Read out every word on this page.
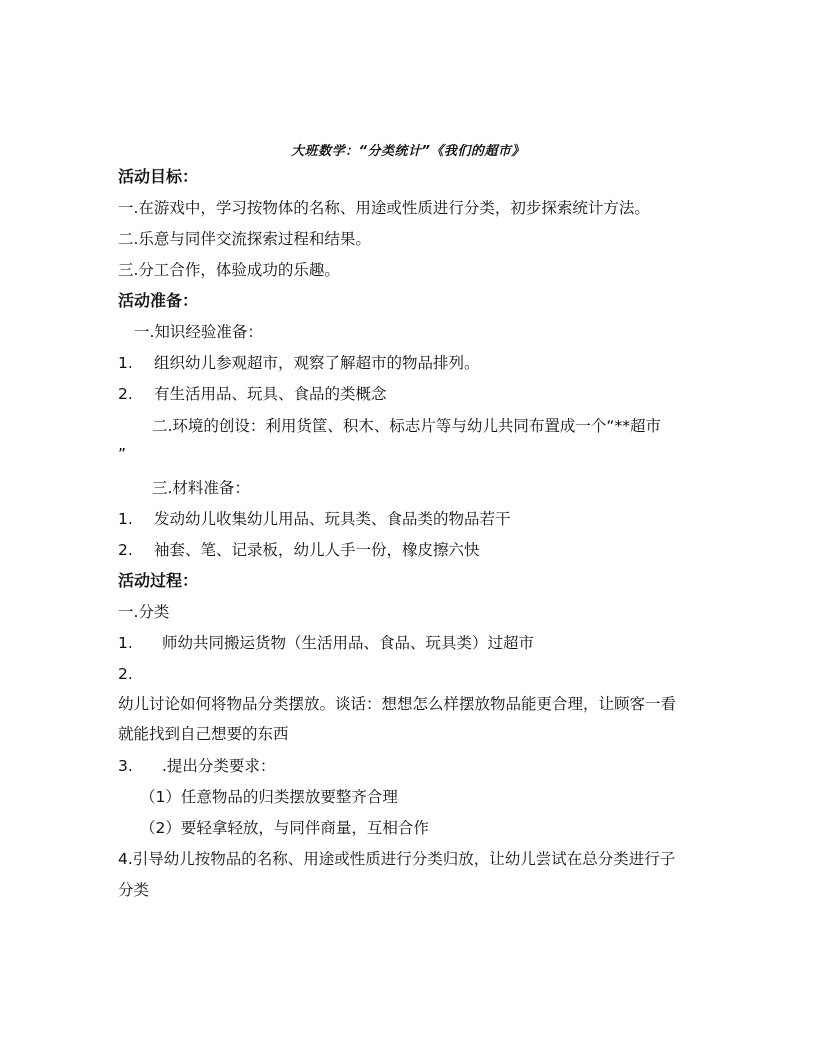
大班数学：“分类统计”《我们的超市》
活动目标：
一.在游戏中，学习按物体的名称、用途或性质进行分类，初步探索统计方法。
二.乐意与同伴交流探索过程和结果。
三.分工合作，体验成功的乐趣。
活动准备：
一.知识经验准备：
1. 组织幼儿参观超市，观察了解超市的物品排列。
2. 有生活用品、玩具、食品的类概念
二.环境的创设：利用货筐、积木、标志片等与幼儿共同布置成一个“**超市
”
三.材料准备：
1. 发动幼儿收集幼儿用品、玩具类、食品类的物品若干
2. 袖套、笔、记录板，幼儿人手一份，橡皮擦六快
活动过程：
一.分类
1. 师幼共同搬运货物（生活用品、食品、玩具类）过超市
2.
幼儿讨论如何将物品分类摆放。谈话：想想怎么样摆放物品能更合理，让顾客一看
就能找到自己想要的东西
3. .提出分类要求：
（1）任意物品的归类摆放要整齐合理
（2）要轻拿轻放，与同伴商量，互相合作
4.引导幼儿按物品的名称、用途或性质进行分类归放，让幼儿尝试在总分类进行子
分类
